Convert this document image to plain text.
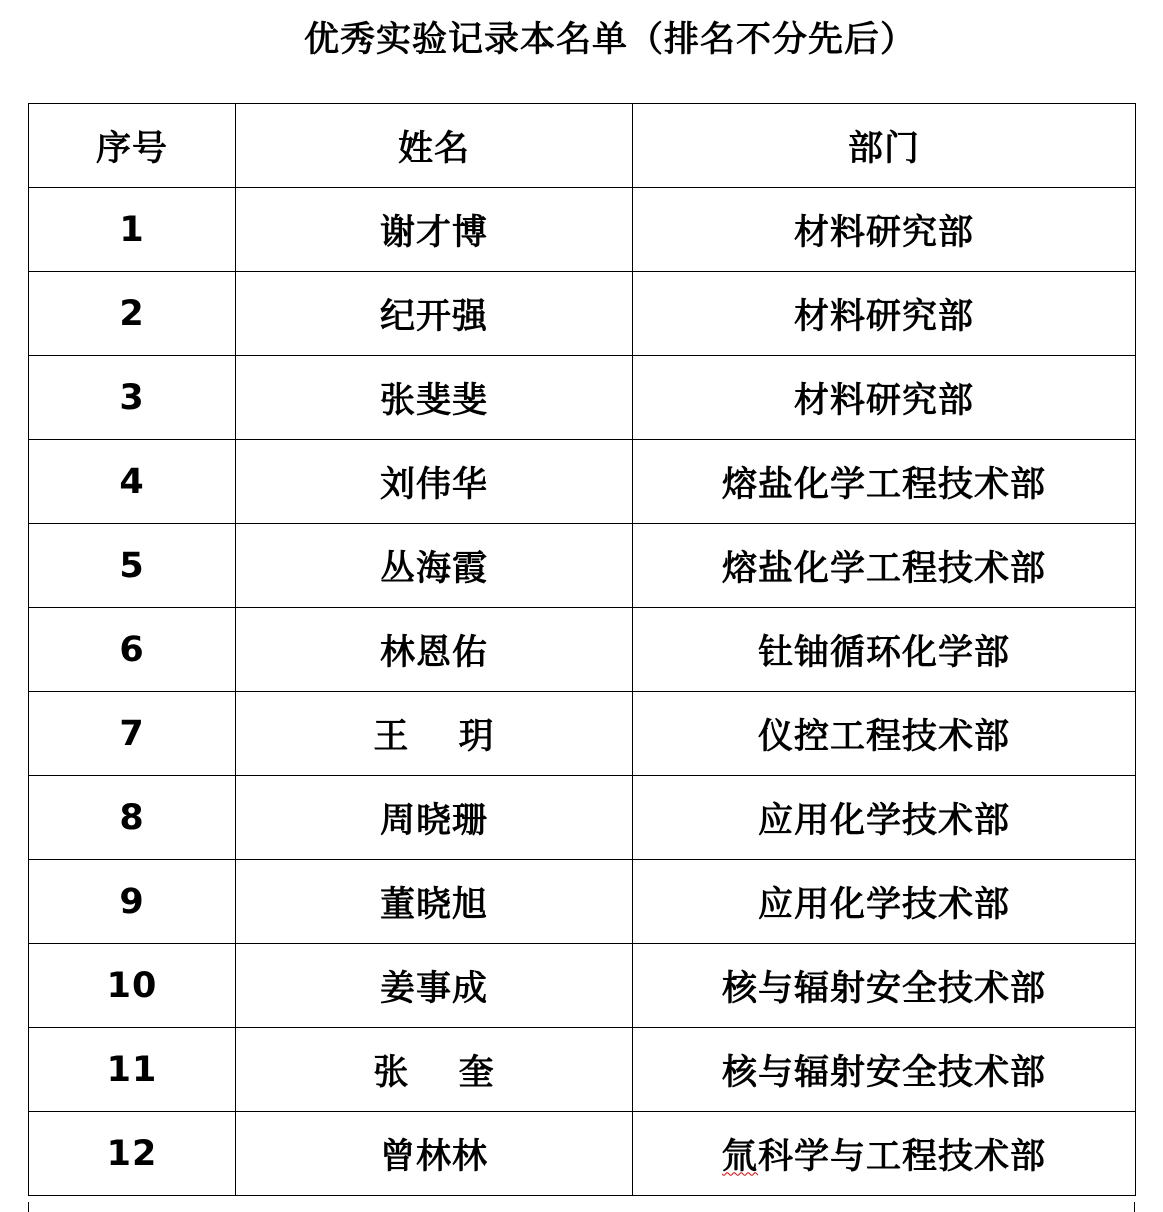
优秀实验记录本名单（排名不分先后）
序号	姓名	部门
1	谢才博	材料研究部
2	纪开强	材料研究部
3	张斐斐	材料研究部
4	刘伟华	熔盐化学工程技术部
5	丛海霞	熔盐化学工程技术部
6	林恩佑	钍铀循环化学部
7	王　 玥	仪控工程技术部
8	周晓珊	应用化学技术部
9	董晓旭	应用化学技术部
10	姜事成	核与辐射安全技术部
11	张　 奎	核与辐射安全技术部
12	曾林林	氚科学与工程技术部
